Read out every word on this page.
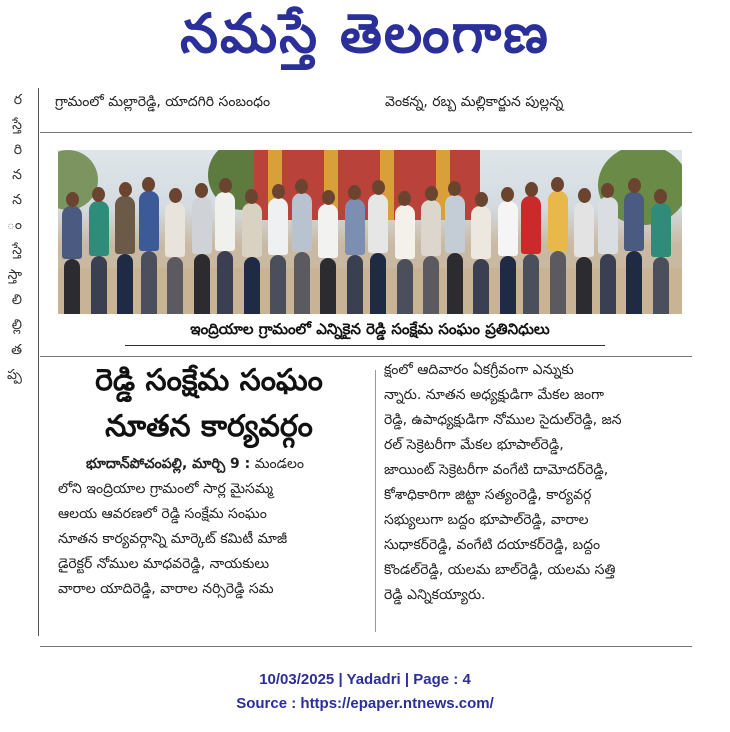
నమస్తే తెలంగాణ
ర
స్తే
రి
న
న
ం
స్తే
స్తా
లి
ల్లి
త
ప్ప
గ్రామంలో మల్లారెడ్డి, యాదగిరి సంబంధం	వెంకన్న, రబ్బ మల్లికార్జున పుల్లన్న
ఇంద్రియాల గ్రామంలో ఎన్నికైన రెడ్డి సంక్షేమ సంఘం ప్రతినిధులు
రెడ్డి సంక్షేమ సంఘం
నూతన కార్యవర్గం
భూదాన్‌పోచంపల్లి, మార్చి 9 : మండలం
లోని ఇంద్రియాల గ్రామంలో సార్ల మైసమ్మ
ఆలయ ఆవరణలో రెడ్డి సంక్షేమ సంఘం
నూతన కార్యవర్గాన్ని మార్కెట్ కమిటీ మాజీ
డైరెక్టర్ నోముల మాధవరెడ్డి, నాయకులు
వారాల యాదిరెడ్డి, వారాల నర్సిరెడ్డి సమ
క్షంలో ఆదివారం ఏకగ్రీవంగా ఎన్నుకు
న్నారు. నూతన అధ్యక్షుడిగా మేకల జంగా
రెడ్డి, ఉపాధ్యక్షుడిగా నోముల సైదుల్‌రెడ్డి, జన
రల్ సెక్రెటరీగా మేకల భూపాల్‌రెడ్డి,
జాయింట్ సెక్రెటరీగా వంగేటి దామోదర్‌రెడ్డి,
కోశాధికారిగా జిట్టా సత్యంరెడ్డి, కార్యవర్గ
సభ్యులుగా బద్దం భూపాల్‌రెడ్డి, వారాల
సుధాకర్‌రెడ్డి, వంగేటి దయాకర్‌రెడ్డి, బద్దం
కొండల్‌రెడ్డి, యలమ బాల్‌రెడ్డి, యలమ సత్తి
రెడ్డి ఎన్నికయ్యారు.
10/03/2025 | Yadadri | Page : 4
Source : https://epaper.ntnews.com/
